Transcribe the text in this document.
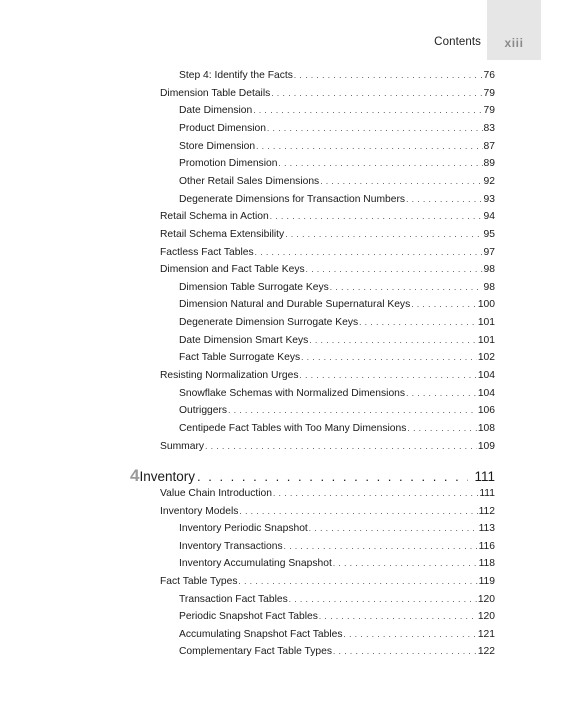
Contents	xiii
Step 4: Identify the Facts . . .	76
Dimension Table Details . . .	79
Date Dimension . . .	79
Product Dimension . . .	83
Store Dimension . . .	87
Promotion Dimension . . .	89
Other Retail Sales Dimensions . . .	92
Degenerate Dimensions for Transaction Numbers . . .	93
Retail Schema in Action . . .	94
Retail Schema Extensibility . . .	95
Factless Fact Tables . . .	97
Dimension and Fact Table Keys . . .	98
Dimension Table Surrogate Keys . . .	98
Dimension Natural and Durable Supernatural Keys . . .	100
Degenerate Dimension Surrogate Keys . . .	101
Date Dimension Smart Keys . . .	101
Fact Table Surrogate Keys . . .	102
Resisting Normalization Urges . . .	104
Snowflake Schemas with Normalized Dimensions . . .	104
Outriggers . . .	106
Centipede Fact Tables with Too Many Dimensions . . .	108
Summary . . .	109
4 Inventory . . .	111
Value Chain Introduction . . .	111
Inventory Models . . .	112
Inventory Periodic Snapshot . . .	113
Inventory Transactions . . .	116
Inventory Accumulating Snapshot . . .	118
Fact Table Types . . .	119
Transaction Fact Tables . . .	120
Periodic Snapshot Fact Tables . . .	120
Accumulating Snapshot Fact Tables . . .	121
Complementary Fact Table Types . . .	122
